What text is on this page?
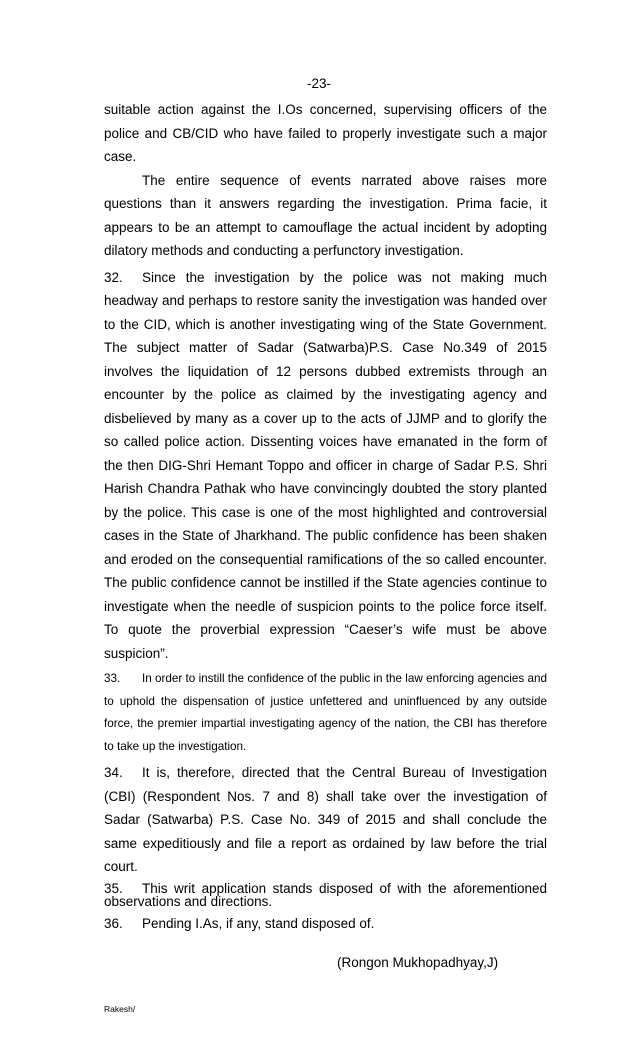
-23-

suitable action against the I.Os concerned, supervising officers of the police and CB/CID who have failed to properly investigate such a major case.

The entire sequence of events narrated above raises more questions than it answers regarding the investigation. Prima facie, it appears to be an attempt to camouflage the actual incident by adopting dilatory methods and conducting a perfunctory investigation.

32. Since the investigation by the police was not making much headway and perhaps to restore sanity the investigation was handed over to the CID, which is another investigating wing of the State Government. The subject matter of Sadar (Satwarba)P.S. Case No.349 of 2015 involves the liquidation of 12 persons dubbed extremists through an encounter by the police as claimed by the investigating agency and disbelieved by many as a cover up to the acts of JJMP and to glorify the so called police action. Dissenting voices have emanated in the form of the then DIG-Shri Hemant Toppo and officer in charge of Sadar P.S. Shri Harish Chandra Pathak who have convincingly doubted the story planted by the police. This case is one of the most highlighted and controversial cases in the State of Jharkhand. The public confidence has been shaken and eroded on the consequential ramifications of the so called encounter. The public confidence cannot be instilled if the State agencies continue to investigate when the needle of suspicion points to the police force itself. To quote the proverbial expression “Caeser’s wife must be above suspicion”.

33. In order to instill the confidence of the public in the law enforcing agencies and to uphold the dispensation of justice unfettered and uninfluenced by any outside force, the premier impartial investigating agency of the nation, the CBI has therefore to take up the investigation.

34. It is, therefore, directed that the Central Bureau of Investigation (CBI) (Respondent Nos. 7 and 8) shall take over the investigation of Sadar (Satwarba) P.S. Case No. 349 of 2015 and shall conclude the same expeditiously and file a report as ordained by law before the trial court.

35. This writ application stands disposed of with the aforementioned observations and directions.

36. Pending I.As, if any, stand disposed of.

(Rongon Mukhopadhyay,J)
Rakesh/
